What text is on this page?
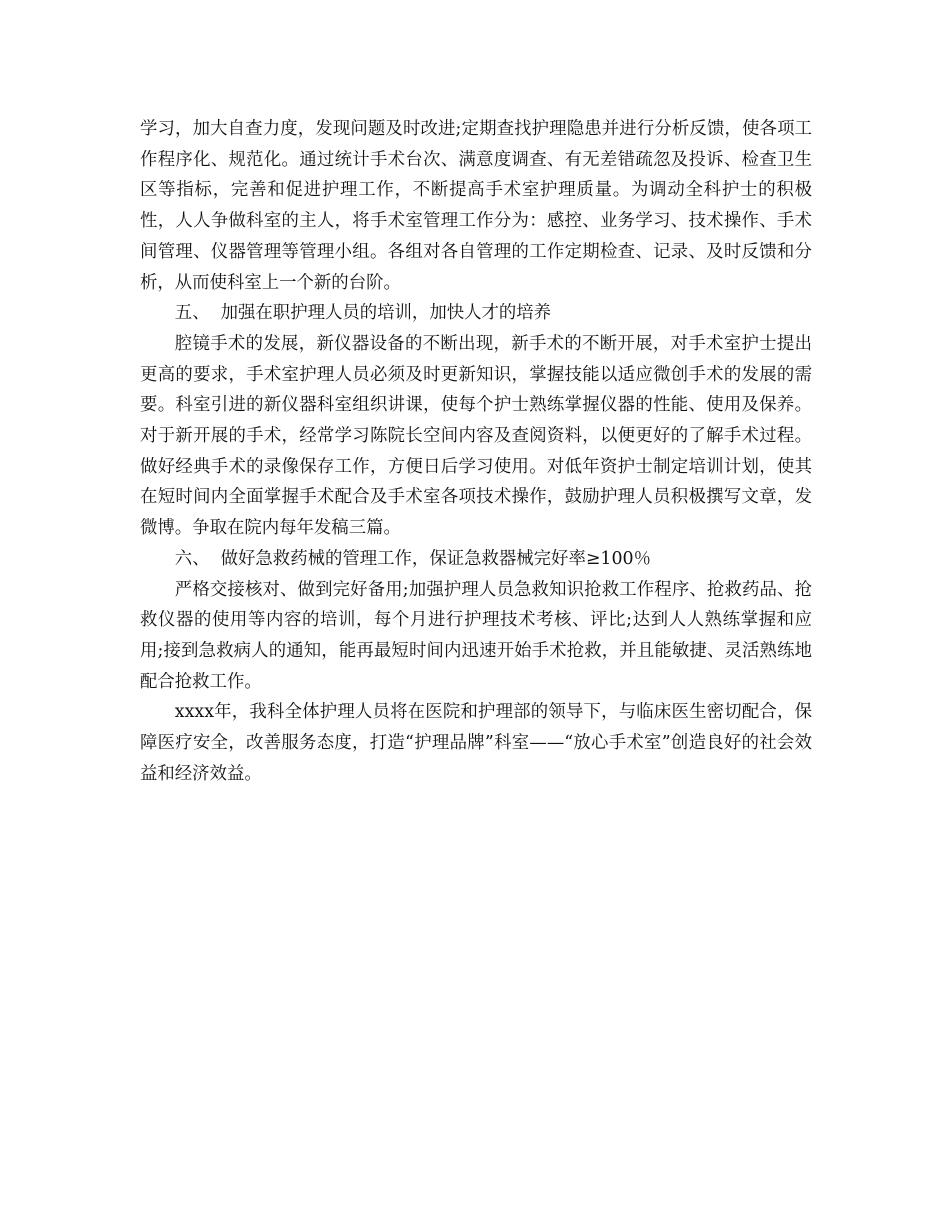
学习，加大自查力度，发现问题及时改进;定期查找护理隐患并进行分析反馈，使各项工作程序化、规范化。通过统计手术台次、满意度调查、有无差错疏忽及投诉、检查卫生区等指标，完善和促进护理工作，不断提高手术室护理质量。为调动全科护士的积极性，人人争做科室的主人，将手术室管理工作分为：感控、业务学习、技术操作、手术间管理、仪器管理等管理小组。各组对各自管理的工作定期检查、记录、及时反馈和分析，从而使科室上一个新的台阶。

五、  加强在职护理人员的培训，加快人才的培养

腔镜手术的发展，新仪器设备的不断出现，新手术的不断开展，对手术室护士提出更高的要求，手术室护理人员必须及时更新知识，掌握技能以适应微创手术的发展的需要。科室引进的新仪器科室组织讲课，使每个护士熟练掌握仪器的性能、使用及保养。对于新开展的手术，经常学习陈院长空间内容及查阅资料，以便更好的了解手术过程。做好经典手术的录像保存工作，方便日后学习使用。对低年资护士制定培训计划，使其在短时间内全面掌握手术配合及手术室各项技术操作，鼓励护理人员积极撰写文章，发微博。争取在院内每年发稿三篇。

六、  做好急救药械的管理工作，保证急救器械完好率≥100％

严格交接核对、做到完好备用;加强护理人员急救知识抢救工作程序、抢救药品、抢救仪器的使用等内容的培训，每个月进行护理技术考核、评比;达到人人熟练掌握和应用;接到急救病人的通知，能再最短时间内迅速开始手术抢救，并且能敏捷、灵活熟练地配合抢救工作。

xxxx年，我科全体护理人员将在医院和护理部的领导下，与临床医生密切配合，保障医疗安全，改善服务态度，打造“护理品牌”科室——“放心手术室”创造良好的社会效益和经济效益。
